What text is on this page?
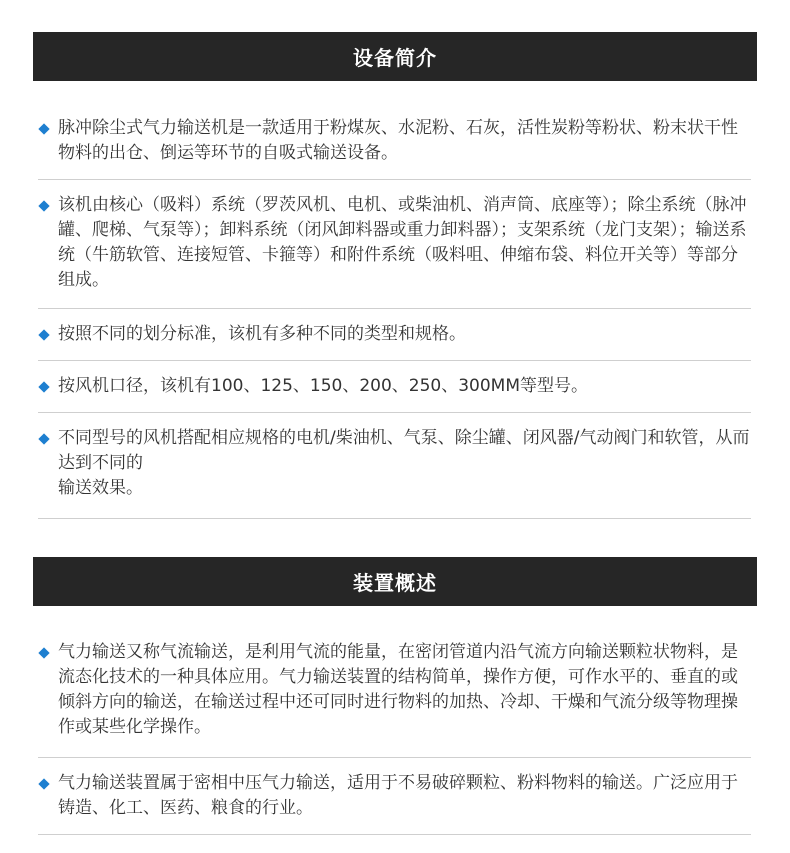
设备简介
脉冲除尘式气力输送机是一款适用于粉煤灰、水泥粉、石灰，活性炭粉等粉状、粉末状干性物料的出仓、倒运等环节的自吸式输送设备。
该机由核心（吸料）系统（罗茨风机、电机、或柴油机、消声筒、底座等）；除尘系统（脉冲罐、爬梯、气泵等）；卸料系统（闭风卸料器或重力卸料器）；支架系统（龙门支架）；输送系统（牛筋软管、连接短管、卡箍等）和附件系统（吸料咀、伸缩布袋、料位开关等）等部分组成。
按照不同的划分标准，该机有多种不同的类型和规格。
按风机口径，该机有100、125、150、200、250、300MM等型号。
不同型号的风机搭配相应规格的电机/柴油机、气泵、除尘罐、闭风器/气动阀门和软管，从而达到不同的
输送效果。
装置概述
气力输送又称气流输送，是利用气流的能量，在密闭管道内沿气流方向输送颗粒状物料，是流态化技术的一种具体应用。气力输送装置的结构简单，操作方便，可作水平的、垂直的或倾斜方向的输送，在输送过程中还可同时进行物料的加热、冷却、干燥和气流分级等物理操作或某些化学操作。
气力输送装置属于密相中压气力输送，适用于不易破碎颗粒、粉料物料的输送。广泛应用于铸造、化工、医药、粮食的行业。
